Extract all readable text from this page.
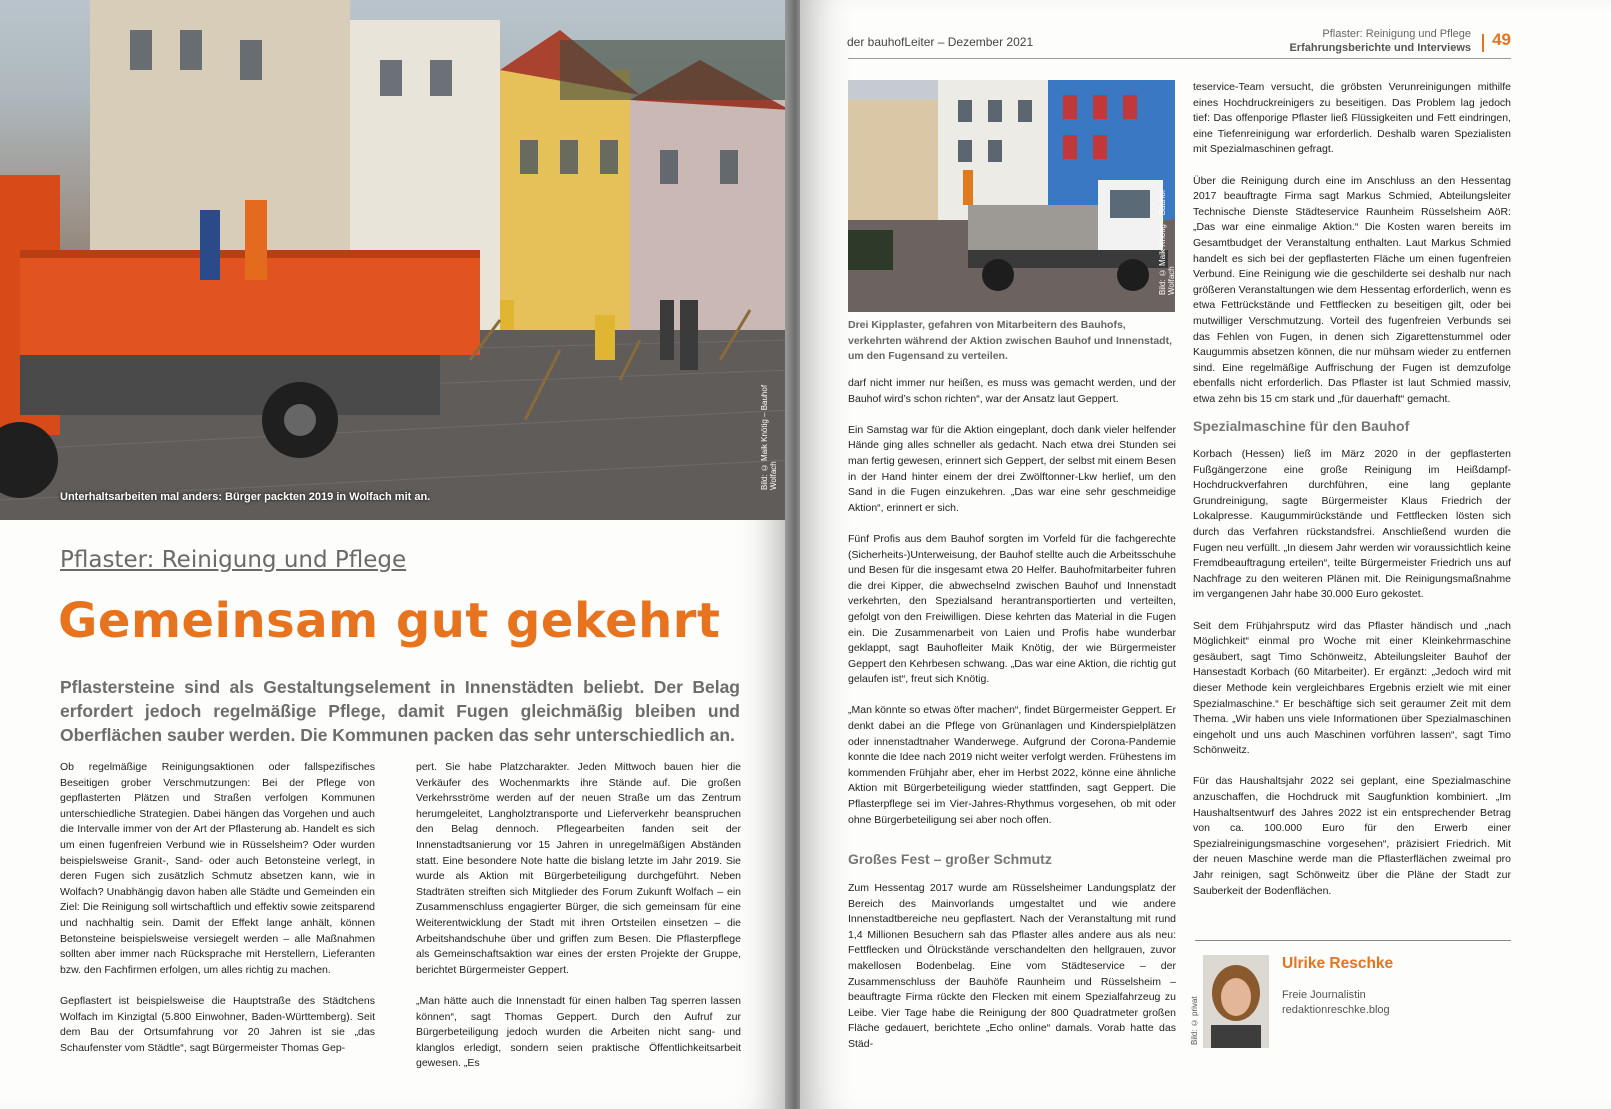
Bild: © Maik Knötig – Bauhof Wolfach
Unterhaltsarbeiten mal anders: Bürger packten 2019 in Wolfach mit an.
Pflaster: Reinigung und Pflege
Gemeinsam gut gekehrt
Pflastersteine sind als Gestaltungselement in Innenstädten beliebt. Der Belag erfordert jedoch regelmäßige Pflege, damit Fugen gleichmäßig bleiben und Oberflächen sauber werden. Die Kommunen packen das sehr unterschiedlich an.

Ob regelmäßige Reinigungsaktionen oder fallspezifisches Beseitigen grober Verschmutzungen: Bei der Pflege von gepflasterten Plätzen und Straßen verfolgen Kommunen unterschiedliche Strategien. Dabei hängen das Vorgehen und auch die Intervalle immer von der Art der Pflasterung ab. Handelt es sich um einen fugenfreien Verbund wie in Rüsselsheim? Oder wurden beispielsweise Granit-, Sand- oder auch Betonsteine verlegt, in deren Fugen sich zusätzlich Schmutz absetzen kann, wie in Wolfach? Unabhängig davon haben alle Städte und Gemeinden ein Ziel: Die Reinigung soll wirtschaftlich und effektiv sowie zeitsparend und nachhaltig sein. Damit der Effekt lange anhält, können Betonsteine beispielsweise versiegelt werden – alle Maßnahmen sollten aber immer nach Rücksprache mit Herstellern, Lieferanten bzw. den Fachfirmen erfolgen, um alles richtig zu machen.

Gepflastert ist beispielsweise die Hauptstraße des Städtchens Wolfach im Kinzigtal (5.800 Einwohner, Baden-Württemberg). Seit dem Bau der Ortsumfahrung vor 20 Jahren ist sie „das Schaufenster vom Städtle“, sagt Bürgermeister Thomas Gep-

pert. Sie habe Platzcharakter. Jeden Mittwoch bauen hier die Verkäufer des Wochenmarkts ihre Stände auf. Die großen Verkehrsströme werden auf der neuen Straße um das Zentrum herumgeleitet, Langholztransporte und Lieferverkehr beanspruchen den Belag dennoch. Pflegearbeiten fanden seit der Innenstadtsanierung vor 15 Jahren in unregelmäßigen Abständen statt. Eine besondere Note hatte die bislang letzte im Jahr 2019. Sie wurde als Aktion mit Bürgerbeteiligung durchgeführt. Neben Stadträten streiften sich Mitglieder des Forum Zukunft Wolfach – ein Zusammenschluss engagierter Bürger, die sich gemeinsam für eine Weiterentwicklung der Stadt mit ihren Ortsteilen einsetzen – die Arbeitshandschuhe über und griffen zum Besen. Die Pflasterpflege als Gemeinschaftsaktion war eines der ersten Projekte der Gruppe, berichtet Bürgermeister Geppert.

„Man hätte auch die Innenstadt für einen halben Tag sperren lassen können“, sagt Thomas Geppert. Durch den Aufruf zur Bürgerbeteiligung jedoch wurden die Arbeiten nicht sang- und klanglos erledigt, sondern seien praktische Öffentlichkeitsarbeit gewesen. „Es

der bauhofLeiter – Dezember 2021
Pflaster: Reinigung und Pflege
Erfahrungsberichte und Interviews 49
Bild: © Maik Knötig – Bauhof Wolfach
Drei Kipplaster, gefahren von Mitarbeitern des Bauhofs, verkehrten während der Aktion zwischen Bauhof und Innenstadt, um den Fugensand zu verteilen.

darf nicht immer nur heißen, es muss was gemacht werden, und der Bauhof wird’s schon richten“, war der Ansatz laut Geppert.

Ein Samstag war für die Aktion eingeplant, doch dank vieler helfender Hände ging alles schneller als gedacht. Nach etwa drei Stunden sei man fertig gewesen, erinnert sich Geppert, der selbst mit einem Besen in der Hand hinter einem der drei Zwölftonner-Lkw herlief, um den Sand in die Fugen einzukehren. „Das war eine sehr geschmeidige Aktion“, erinnert er sich.

Fünf Profis aus dem Bauhof sorgten im Vorfeld für die fachgerechte (Sicherheits-)Unterweisung, der Bauhof stellte auch die Arbeitsschuhe und Besen für die insgesamt etwa 20 Helfer. Bauhofmitarbeiter fuhren die drei Kipper, die abwechselnd zwischen Bauhof und Innenstadt verkehrten, den Spezialsand herantransportierten und verteilten, gefolgt von den Freiwilligen. Diese kehrten das Material in die Fugen ein. Die Zusammenarbeit von Laien und Profis habe wunderbar geklappt, sagt Bauhofleiter Maik Knötig, der wie Bürgermeister Geppert den Kehrbesen schwang. „Das war eine Aktion, die richtig gut gelaufen ist“, freut sich Knötig.

„Man könnte so etwas öfter machen“, findet Bürgermeister Geppert. Er denkt dabei an die Pflege von Grünanlagen und Kinderspielplätzen oder innenstadtnaher Wanderwege. Aufgrund der Corona-Pandemie konnte die Idee nach 2019 nicht weiter verfolgt werden. Frühestens im kommenden Frühjahr aber, eher im Herbst 2022, könne eine ähnliche Aktion mit Bürgerbeteiligung wieder stattfinden, sagt Geppert. Die Pflasterpflege sei im Vier-Jahres-Rhythmus vorgesehen, ob mit oder ohne Bürgerbeteiligung sei aber noch offen.

Großes Fest – großer Schmutz

Zum Hessentag 2017 wurde am Rüsselsheimer Landungsplatz der Bereich des Mainvorlands umgestaltet und wie andere Innenstadtbereiche neu gepflastert. Nach der Veranstaltung mit rund 1,4 Millionen Besuchern sah das Pflaster alles andere aus als neu: Fettflecken und Ölrückstände verschandelten den hellgrauen, zuvor makellosen Bodenbelag. Eine vom Städteservice – der Zusammenschluss der Bauhöfe Raunheim und Rüsselsheim – beauftragte Firma rückte den Flecken mit einem Spezialfahrzeug zu Leibe. Vier Tage habe die Reinigung der 800 Quadratmeter großen Fläche gedauert, berichtete „Echo online“ damals. Vorab hatte das Städ-

teservice-Team versucht, die gröbsten Verunreinigungen mithilfe eines Hochdruckreinigers zu beseitigen. Das Problem lag jedoch tief: Das offenporige Pflaster ließ Flüssigkeiten und Fett eindringen, eine Tiefenreinigung war erforderlich. Deshalb waren Spezialisten mit Spezialmaschinen gefragt.

Über die Reinigung durch eine im Anschluss an den Hessentag 2017 beauftragte Firma sagt Markus Schmied, Abteilungsleiter Technische Dienste Städteservice Raunheim Rüsselsheim AöR: „Das war eine einmalige Aktion.“ Die Kosten waren bereits im Gesamtbudget der Veranstaltung enthalten. Laut Markus Schmied handelt es sich bei der gepflasterten Fläche um einen fugenfreien Verbund. Eine Reinigung wie die geschilderte sei deshalb nur nach größeren Veranstaltungen wie dem Hessentag erforderlich, wenn es etwa Fettrückstände und Fettflecken zu beseitigen gilt, oder bei mutwilliger Verschmutzung. Vorteil des fugenfreien Verbunds sei das Fehlen von Fugen, in denen sich Zigarettenstummel oder Kaugummis absetzen können, die nur mühsam wieder zu entfernen sind. Eine regelmäßige Auffrischung der Fugen ist demzufolge ebenfalls nicht erforderlich. Das Pflaster ist laut Schmied massiv, etwa zehn bis 15 cm stark und „für dauerhaft“ gemacht.

Spezialmaschine für den Bauhof

Korbach (Hessen) ließ im März 2020 in der gepflasterten Fußgängerzone eine große Reinigung im Heißdampf-Hochdruckverfahren durchführen, eine lang geplante Grundreinigung, sagte Bürgermeister Klaus Friedrich der Lokalpresse. Kaugummirückstände und Fettflecken lösten sich durch das Verfahren rückstandsfrei. Anschließend wurden die Fugen neu verfüllt. „In diesem Jahr werden wir voraussichtlich keine Fremdbeauftragung erteilen“, teilte Bürgermeister Friedrich uns auf Nachfrage zu den weiteren Plänen mit. Die Reinigungsmaßnahme im vergangenen Jahr habe 30.000 Euro gekostet.

Seit dem Frühjahrsputz wird das Pflaster händisch und „nach Möglichkeit“ einmal pro Woche mit einer Kleinkehrmaschine gesäubert, sagt Timo Schönweitz, Abteilungsleiter Bauhof der Hansestadt Korbach (60 Mitarbeiter). Er ergänzt: „Jedoch wird mit dieser Methode kein vergleichbares Ergebnis erzielt wie mit einer Spezialmaschine.“ Er beschäftige sich seit geraumer Zeit mit dem Thema. „Wir haben uns viele Informationen über Spezialmaschinen eingeholt und uns auch Maschinen vorführen lassen“, sagt Timo Schönweitz.

Für das Haushaltsjahr 2022 sei geplant, eine Spezialmaschine anzuschaffen, die Hochdruck mit Saugfunktion kombiniert. „Im Haushaltsentwurf des Jahres 2022 ist ein entsprechender Betrag von ca. 100.000 Euro für den Erwerb einer Spezialreinigungsmaschine vorgesehen“, präzisiert Friedrich. Mit der neuen Maschine werde man die Pflasterflächen zweimal pro Jahr reinigen, sagt Schönweitz über die Pläne der Stadt zur Sauberkeit der Bodenflächen.

Bild: © privat
Ulrike Reschke
Freie Journalistin
redaktionreschke.blog
